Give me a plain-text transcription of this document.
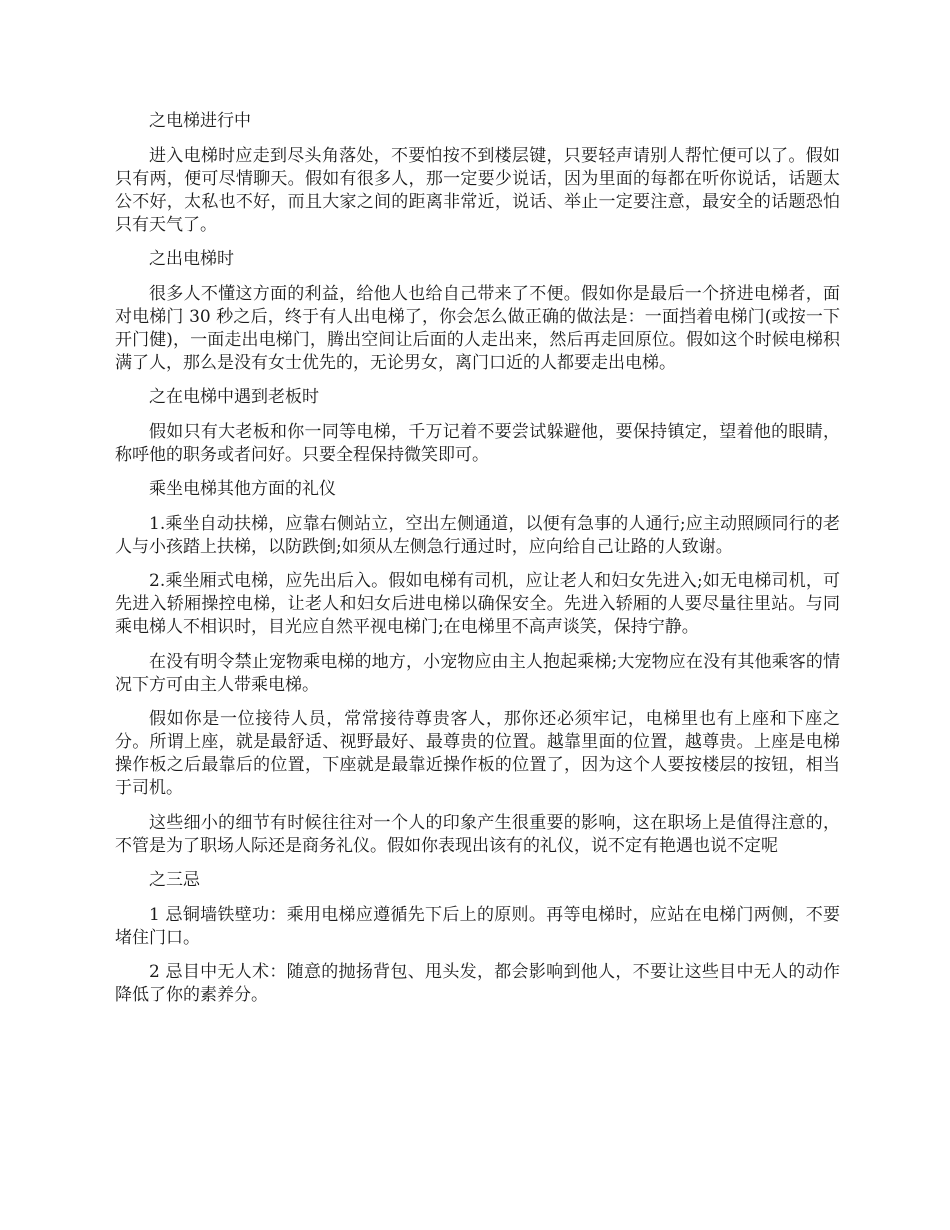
之电梯进行中

进入电梯时应走到尽头角落处，不要怕按不到楼层键，只要轻声请别人帮忙便可以了。假如只有两，便可尽情聊天。假如有很多人，那一定要少说话，因为里面的每都在听你说话，话题太公不好，太私也不好，而且大家之间的距离非常近，说话、举止一定要注意，最安全的话题恐怕只有天气了。

之出电梯时

很多人不懂这方面的利益，给他人也给自己带来了不便。假如你是最后一个挤进电梯者，面对电梯门 30 秒之后，终于有人出电梯了，你会怎么做正确的做法是：一面挡着电梯门(或按一下开门健)，一面走出电梯门，腾出空间让后面的人走出来，然后再走回原位。假如这个时候电梯积满了人，那么是没有女士优先的，无论男女，离门口近的人都要走出电梯。

之在电梯中遇到老板时

假如只有大老板和你一同等电梯，千万记着不要尝试躲避他，要保持镇定，望着他的眼睛，称呼他的职务或者问好。只要全程保持微笑即可。

乘坐电梯其他方面的礼仪

1.乘坐自动扶梯，应靠右侧站立，空出左侧通道，以便有急事的人通行;应主动照顾同行的老人与小孩踏上扶梯，以防跌倒;如须从左侧急行通过时，应向给自己让路的人致谢。

2.乘坐厢式电梯，应先出后入。假如电梯有司机，应让老人和妇女先进入;如无电梯司机，可先进入轿厢操控电梯，让老人和妇女后进电梯以确保安全。先进入轿厢的人要尽量往里站。与同乘电梯人不相识时，目光应自然平视电梯门;在电梯里不高声谈笑，保持宁静。

在没有明令禁止宠物乘电梯的地方，小宠物应由主人抱起乘梯;大宠物应在没有其他乘客的情况下方可由主人带乘电梯。

假如你是一位接待人员，常常接待尊贵客人，那你还必须牢记，电梯里也有上座和下座之分。所谓上座，就是最舒适、视野最好、最尊贵的位置。越靠里面的位置，越尊贵。上座是电梯操作板之后最靠后的位置，下座就是最靠近操作板的位置了，因为这个人要按楼层的按钮，相当于司机。

这些细小的细节有时候往往对一个人的印象产生很重要的影响，这在职场上是值得注意的，不管是为了职场人际还是商务礼仪。假如你表现出该有的礼仪，说不定有艳遇也说不定呢

之三忌

1 忌铜墙铁壁功：乘用电梯应遵循先下后上的原则。再等电梯时，应站在电梯门两侧，不要堵住门口。

2 忌目中无人术：随意的抛扬背包、甩头发，都会影响到他人，不要让这些目中无人的动作降低了你的素养分。
